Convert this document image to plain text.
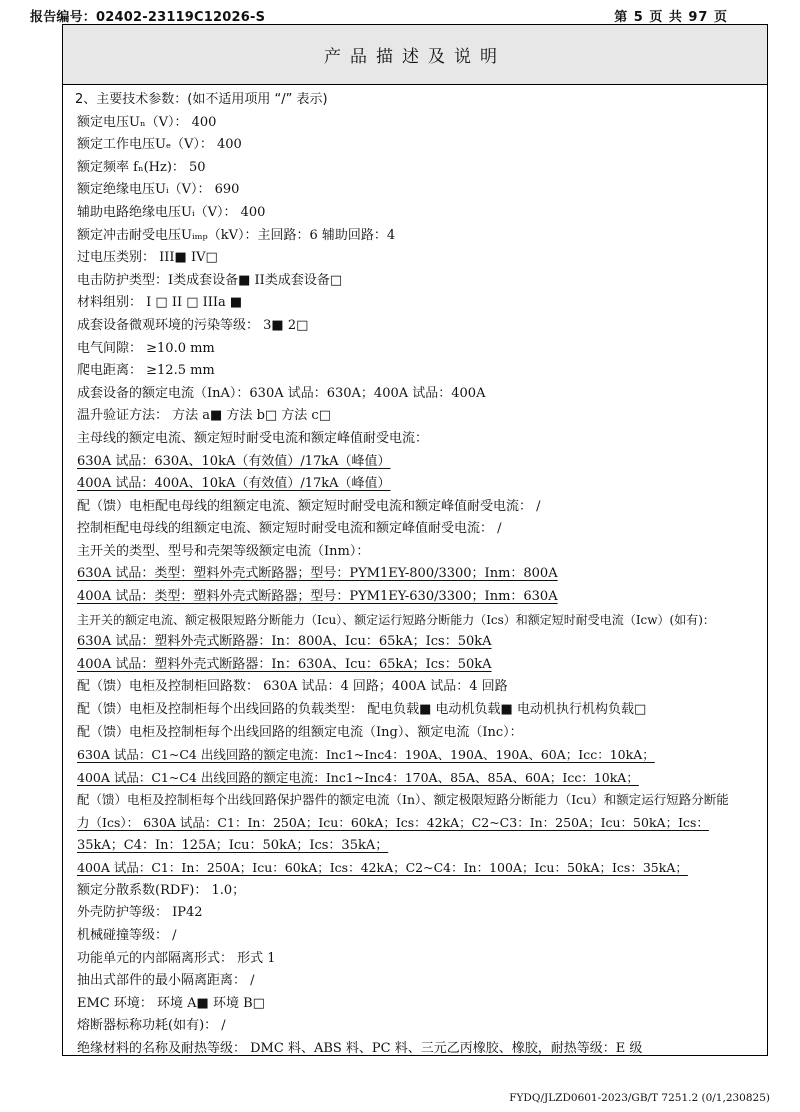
报告编号：02402-23119C12026-S	第 5 页 共 97 页
产品描述及说明
2、主要技术参数：(如不适用项用 “/” 表示)
额定电压Uₙ（V）： 400
额定工作电压Uₑ（V）： 400
额定频率 fₙ(Hz)： 50
额定绝缘电压Uᵢ（V）： 690
辅助电路绝缘电压Uᵢ（V）： 400
额定冲击耐受电压Uᵢₘₚ（kV）：主回路：6 辅助回路：4
过电压类别： III■ IV□
电击防护类型：I类成套设备■ II类成套设备□
材料组别： I □ II □ IIIa ■
成套设备微观环境的污染等级： 3■ 2□
电气间隙： ≥10.0 mm
爬电距离： ≥12.5 mm
成套设备的额定电流（InA）：630A 试品：630A；400A 试品：400A
温升验证方法： 方法 a■ 方法 b□ 方法 c□
主母线的额定电流、额定短时耐受电流和额定峰值耐受电流：
630A 试品：630A、10kA（有效值）/17kA（峰值）
400A 试品：400A、10kA（有效值）/17kA（峰值）
配（馈）电柜配电母线的组额定电流、额定短时耐受电流和额定峰值耐受电流： /
控制柜配电母线的组额定电流、额定短时耐受电流和额定峰值耐受电流： /
主开关的类型、型号和壳架等级额定电流（Inm）：
630A 试品：类型：塑料外壳式断路器；型号：PYM1EY-800/3300；Inm：800A
400A 试品：类型：塑料外壳式断路器；型号：PYM1EY-630/3300；Inm：630A
主开关的额定电流、额定极限短路分断能力（Icu）、额定运行短路分断能力（Ics）和额定短时耐受电流（Icw）(如有)：
630A 试品：塑料外壳式断路器：In：800A、Icu：65kA；Ics：50kA
400A 试品：塑料外壳式断路器：In：630A、Icu：65kA；Ics：50kA
配（馈）电柜及控制柜回路数： 630A 试品：4 回路；400A 试品：4 回路
配（馈）电柜及控制柜每个出线回路的负载类型： 配电负载■ 电动机负载■ 电动机执行机构负载□
配（馈）电柜及控制柜每个出线回路的组额定电流（Ing）、额定电流（Inc）：
630A 试品：C1~C4 出线回路的额定电流：Inc1~Inc4：190A、190A、190A、60A；Icc：10kA；
400A 试品：C1~C4 出线回路的额定电流：Inc1~Inc4：170A、85A、85A、60A；Icc：10kA；
配（馈）电柜及控制柜每个出线回路保护器件的额定电流（In）、额定极限短路分断能力（Icu）和额定运行短路分断能
力（Ics）： 630A 试品：C1：In：250A；Icu：60kA；Ics：42kA；C2~C3：In：250A；Icu：50kA；Ics：
35kA；C4：In：125A；Icu：50kA；Ics：35kA；
400A 试品：C1：In：250A；Icu：60kA；Ics：42kA；C2~C4：In：100A；Icu：50kA；Ics：35kA；
额定分散系数(RDF)： 1.0；
外壳防护等级： IP42
机械碰撞等级： /
功能单元的内部隔离形式： 形式 1
抽出式部件的最小隔离距离： /
EMC 环境： 环境 A■ 环境 B□
熔断器标称功耗(如有)： /
绝缘材料的名称及耐热等级： DMC 料、ABS 料、PC 料、三元乙丙橡胶、橡胶，耐热等级：E 级
FYDQ/JLZD0601-2023/GB/T 7251.2 (0/1,230825)
